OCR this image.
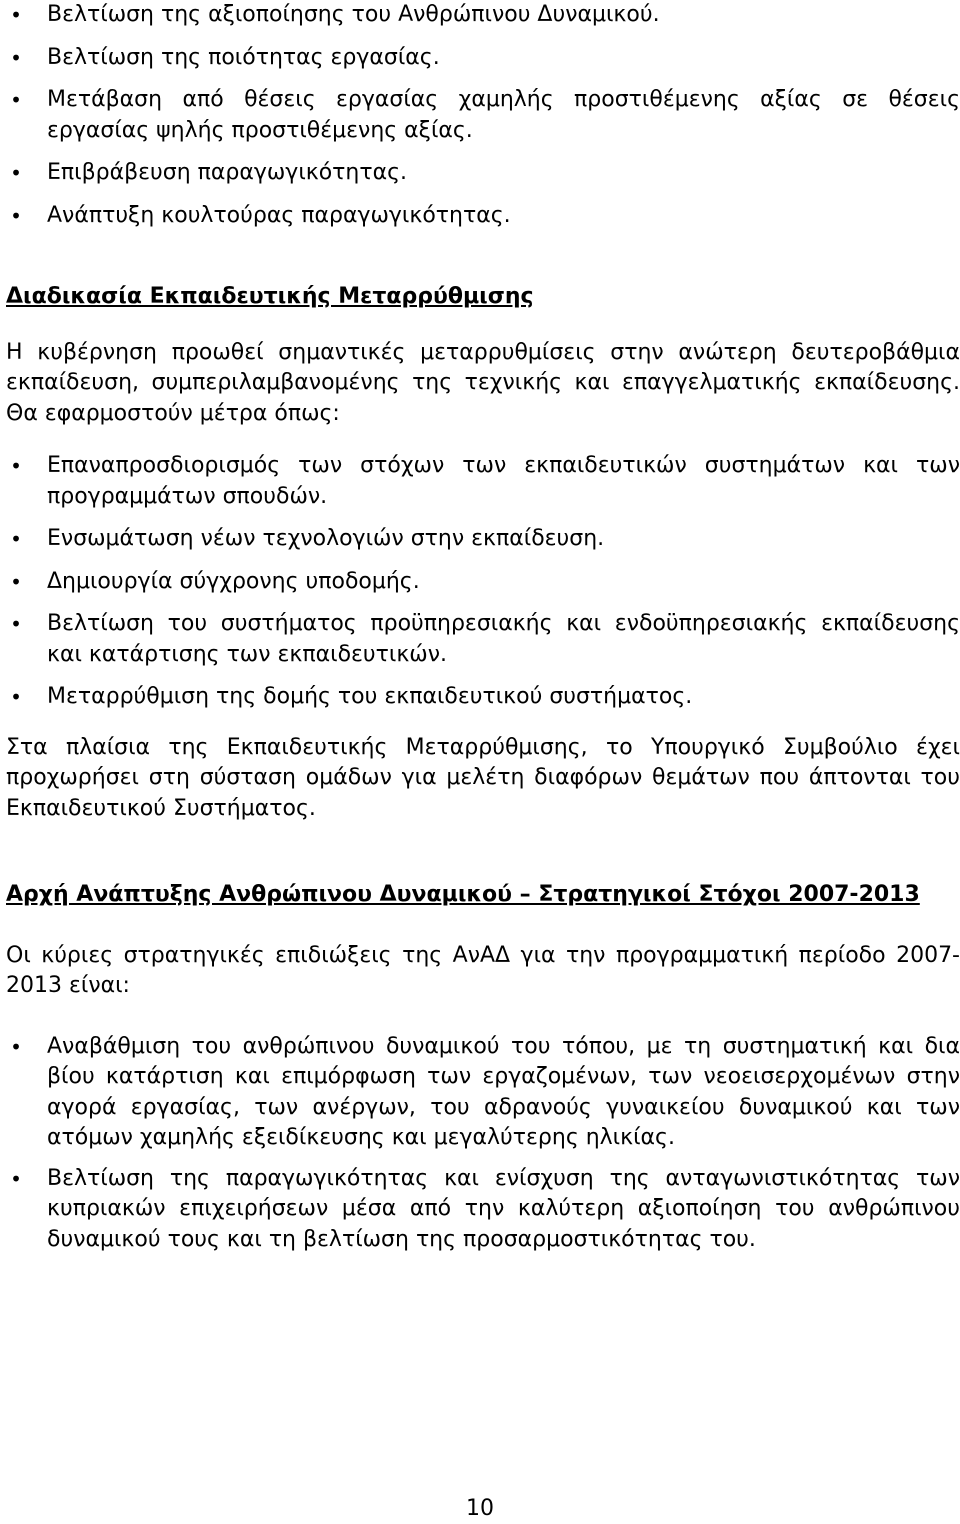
• Βελτίωση της αξιοποίησης του Ανθρώπινου Δυναμικού.
• Βελτίωση της ποιότητας εργασίας.
• Μετάβαση από θέσεις εργασίας χαμηλής προστιθέμενης αξίας σε θέσεις εργασίας ψηλής προστιθέμενης αξίας.
• Επιβράβευση παραγωγικότητας.
• Ανάπτυξη κουλτούρας παραγωγικότητας.

Διαδικασία Εκπαιδευτικής Μεταρρύθμισης

Η κυβέρνηση προωθεί σημαντικές μεταρρυθμίσεις στην ανώτερη δευτεροβάθμια εκπαίδευση, συμπεριλαμβανομένης της τεχνικής και επαγγελματικής εκπαίδευσης. Θα εφαρμοστούν μέτρα όπως:

• Επαναπροσδιορισμός των στόχων των εκπαιδευτικών συστημάτων και των προγραμμάτων σπουδών.
• Ενσωμάτωση νέων τεχνολογιών στην εκπαίδευση.
• Δημιουργία σύγχρονης υποδομής.
• Βελτίωση του συστήματος προϋπηρεσιακής και ενδοϋπηρεσιακής εκπαίδευσης και κατάρτισης των εκπαιδευτικών.
• Μεταρρύθμιση της δομής του εκπαιδευτικού συστήματος.

Στα πλαίσια της Εκπαιδευτικής Μεταρρύθμισης, το Υπουργικό Συμβούλιο έχει προχωρήσει στη σύσταση ομάδων για μελέτη διαφόρων θεμάτων που άπτονται του Εκπαιδευτικού Συστήματος.

Αρχή Ανάπτυξης Ανθρώπινου Δυναμικού – Στρατηγικοί Στόχοι 2007-2013

Οι κύριες στρατηγικές επιδιώξεις της ΑνΑΔ για την προγραμματική περίοδο 2007-2013 είναι:

• Αναβάθμιση του ανθρώπινου δυναμικού του τόπου, με τη συστηματική και δια βίου κατάρτιση και επιμόρφωση των εργαζομένων, των νεοεισερχομένων στην αγορά εργασίας, των ανέργων, του αδρανούς γυναικείου δυναμικού και των ατόμων χαμηλής εξειδίκευσης και μεγαλύτερης ηλικίας.
• Βελτίωση της παραγωγικότητας και ενίσχυση της ανταγωνιστικότητας των κυπριακών επιχειρήσεων μέσα από την καλύτερη αξιοποίηση του ανθρώπινου δυναμικού τους και τη βελτίωση της προσαρμοστικότητας του.
10
